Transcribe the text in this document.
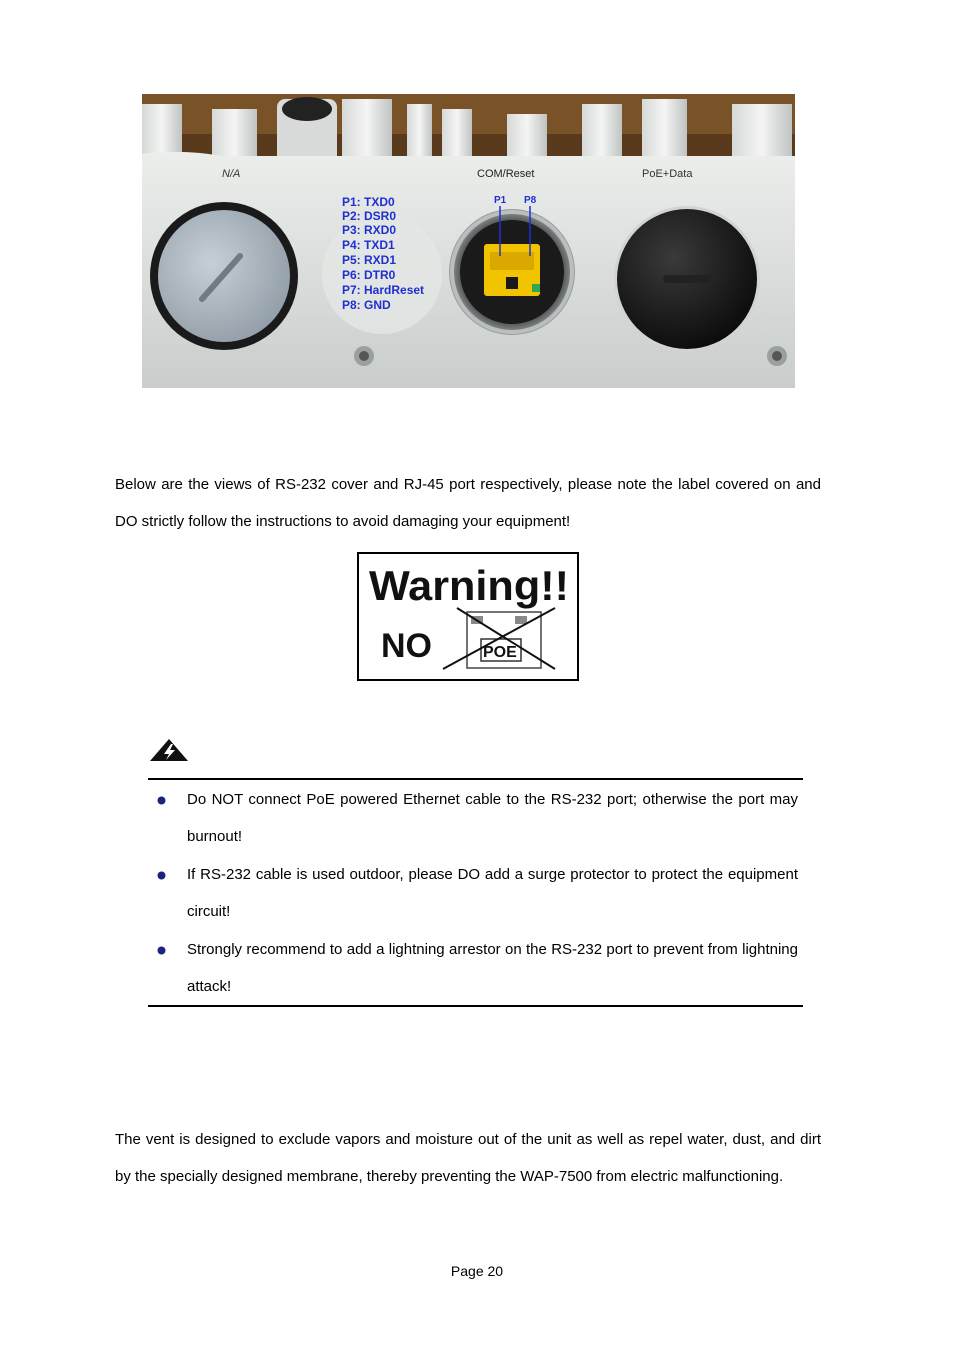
N/A	COM/Reset	PoE+Data
P1 P8
P1: TXD0
P2: DSR0
P3: RXD0
P4: TXD1
P5: RXD1
P6: DTR0
P7: HardReset
P8: GND
Below are the views of RS-232 cover and RJ-45 port respectively, please note the label covered on and DO strictly follow the instructions to avoid damaging your equipment!
Warning!!
NO	POE
Do NOT connect PoE powered Ethernet cable to the RS-232 port; otherwise the port may burnout!
If RS-232 cable is used outdoor, please DO add a surge protector to protect the equipment circuit!
Strongly recommend to add a lightning arrestor on the RS-232 port to prevent from lightning attack!
The vent is designed to exclude vapors and moisture out of the unit as well as repel water, dust, and dirt by the specially designed membrane, thereby preventing the WAP-7500 from electric malfunctioning.
Page 20
